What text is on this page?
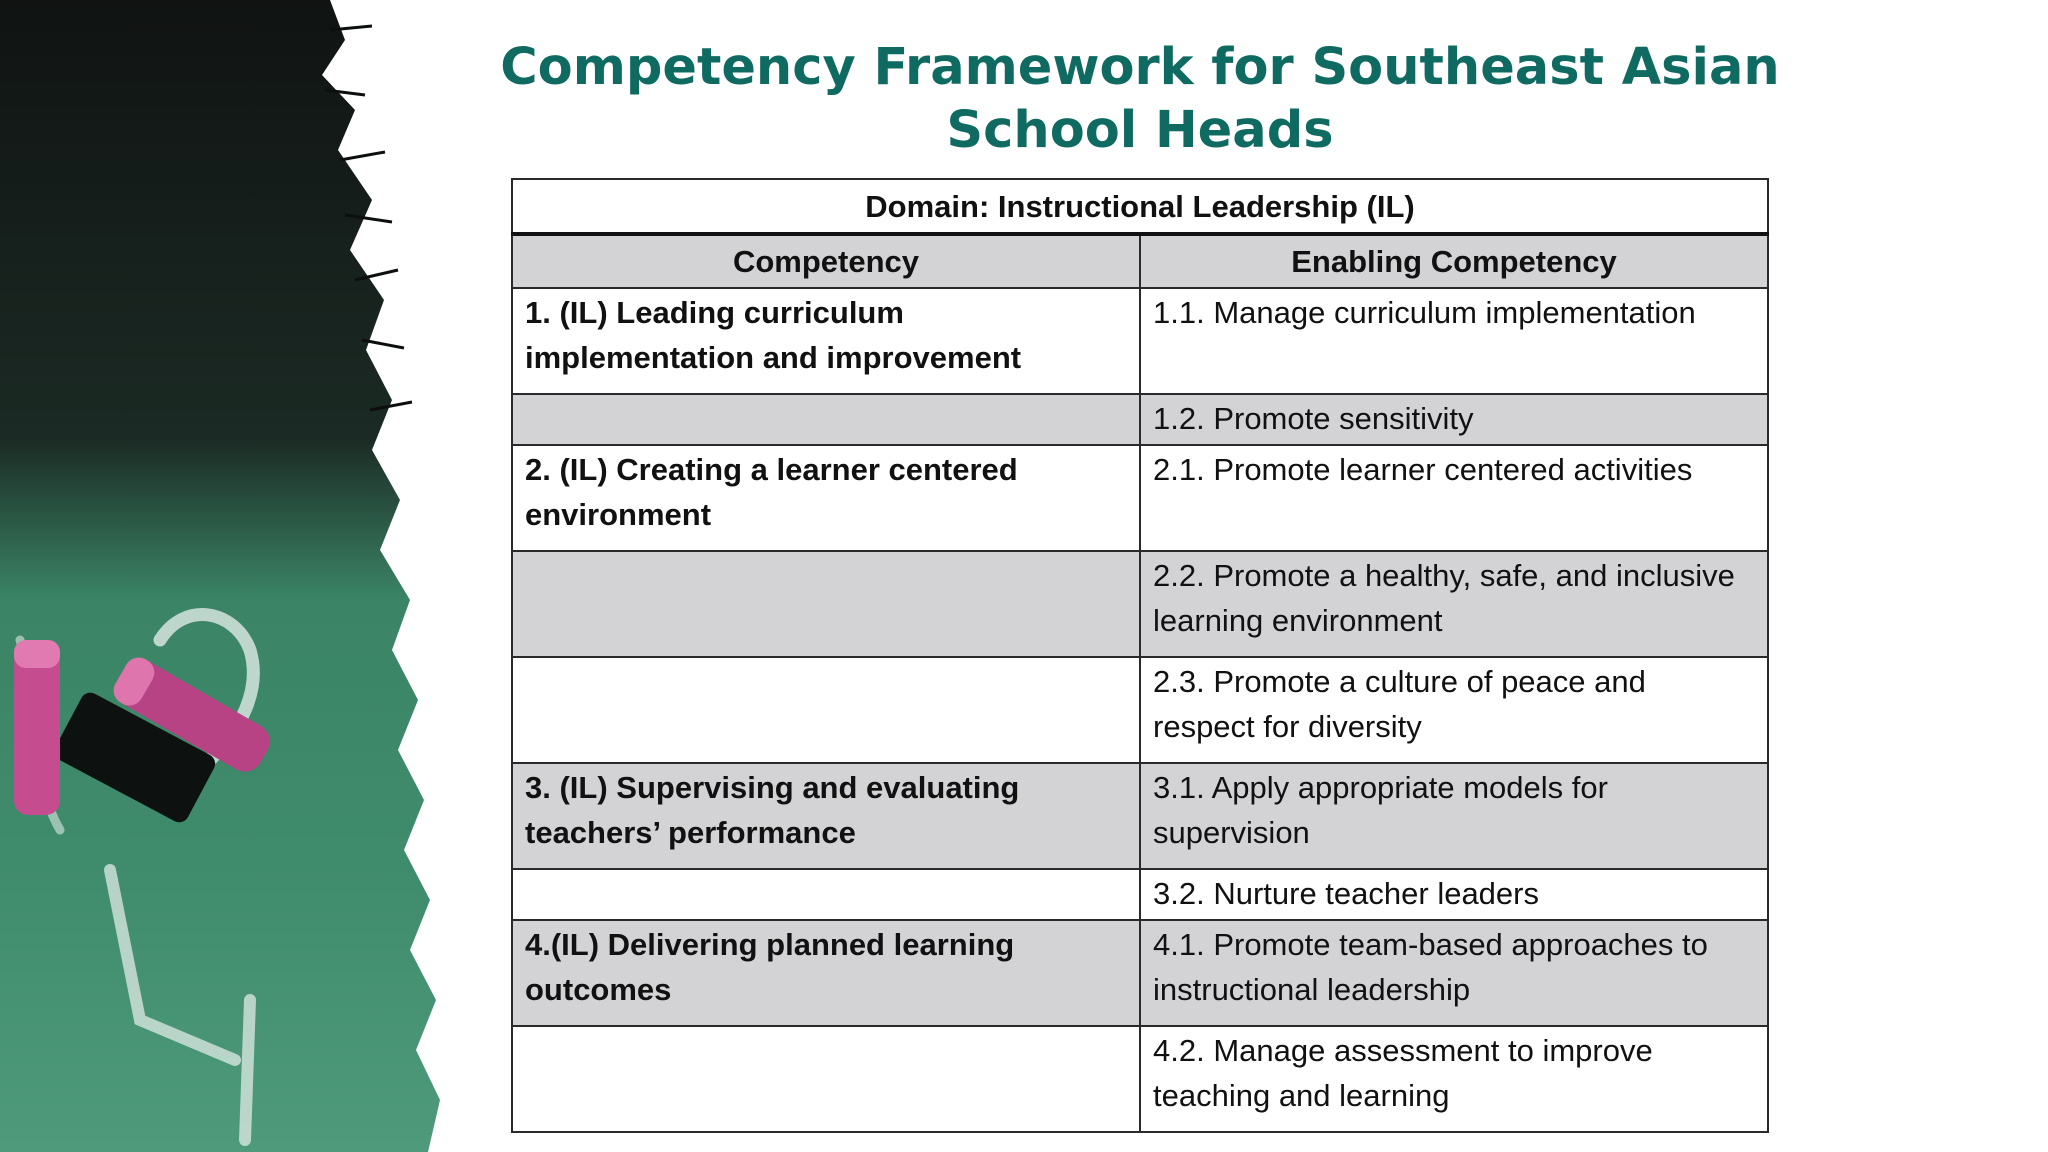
Competency Framework for Southeast Asian
School Heads
Domain: Instructional Leadership (IL)	
Competency	Enabling Competency
1. (IL) Leading curriculum implementation and improvement	1.1. Manage curriculum implementation
	1.2. Promote sensitivity
2. (IL) Creating a learner centered environment	2.1. Promote learner centered activities
	2.2. Promote a healthy, safe, and inclusive learning environment
	2.3. Promote a culture of peace and respect for diversity
3. (IL) Supervising and evaluating teachers’ performance	3.1. Apply appropriate models for supervision
	3.2. Nurture teacher leaders
4.(IL) Delivering planned learning outcomes	4.1. Promote team-based approaches to instructional leadership
	4.2. Manage assessment to improve teaching and learning
